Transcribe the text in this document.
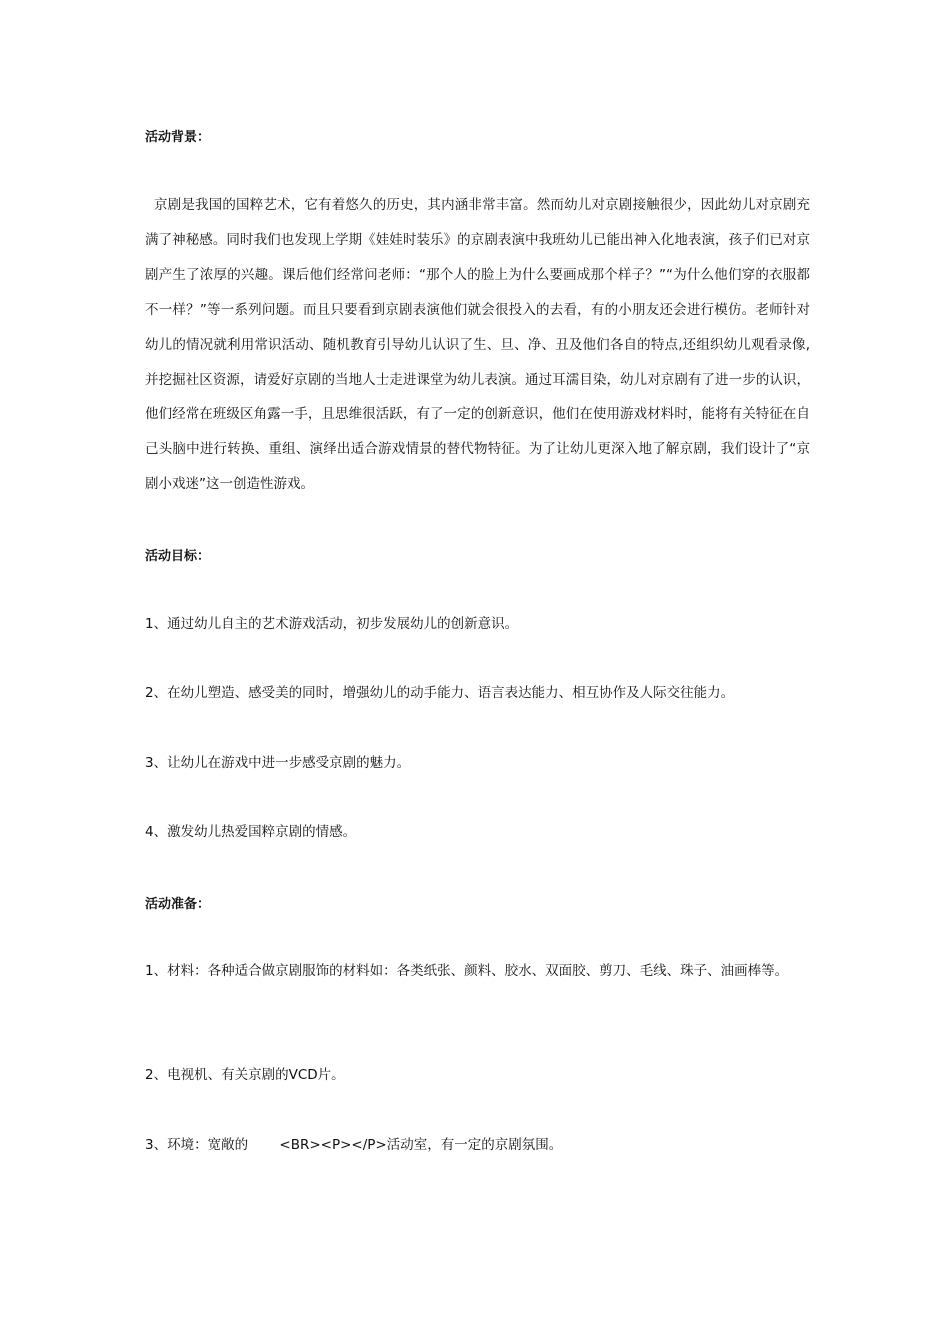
活动背景：
京剧是我国的国粹艺术，它有着悠久的历史，其内涵非常丰富。然而幼儿对京剧接触很少，因此幼儿对京剧充满了神秘感。同时我们也发现上学期《娃娃时装乐》的京剧表演中我班幼儿已能出神入化地表演，孩子们已对京剧产生了浓厚的兴趣。课后他们经常问老师：“那个人的脸上为什么要画成那个样子？”“为什么他们穿的衣服都不一样？”等一系列问题。而且只要看到京剧表演他们就会很投入的去看，有的小朋友还会进行模仿。老师针对幼儿的情况就利用常识活动、随机教育引导幼儿认识了生、旦、净、丑及他们各自的特点,还组织幼儿观看录像,并挖掘社区资源，请爱好京剧的当地人士走进课堂为幼儿表演。通过耳濡目染，幼儿对京剧有了进一步的认识，他们经常在班级区角露一手，且思维很活跃，有了一定的创新意识，他们在使用游戏材料时，能将有关特征在自己头脑中进行转换、重组、演绎出适合游戏情景的替代物特征。为了让幼儿更深入地了解京剧，我们设计了“京剧小戏迷”这一创造性游戏。
活动目标：
1、通过幼儿自主的艺术游戏活动，初步发展幼儿的创新意识。
2、在幼儿塑造、感受美的同时，增强幼儿的动手能力、语言表达能力、相互协作及人际交往能力。
3、让幼儿在游戏中进一步感受京剧的魅力。
4、激发幼儿热爱国粹京剧的情感。
活动准备：
1、材料：各种适合做京剧服饰的材料如：各类纸张、颜料、胶水、双面胶、剪刀、毛线、珠子、油画棒等。
2、电视机、有关京剧的VCD片。
3、环境：宽敞的 　　<BR><P></P>活动室，有一定的京剧氛围。
